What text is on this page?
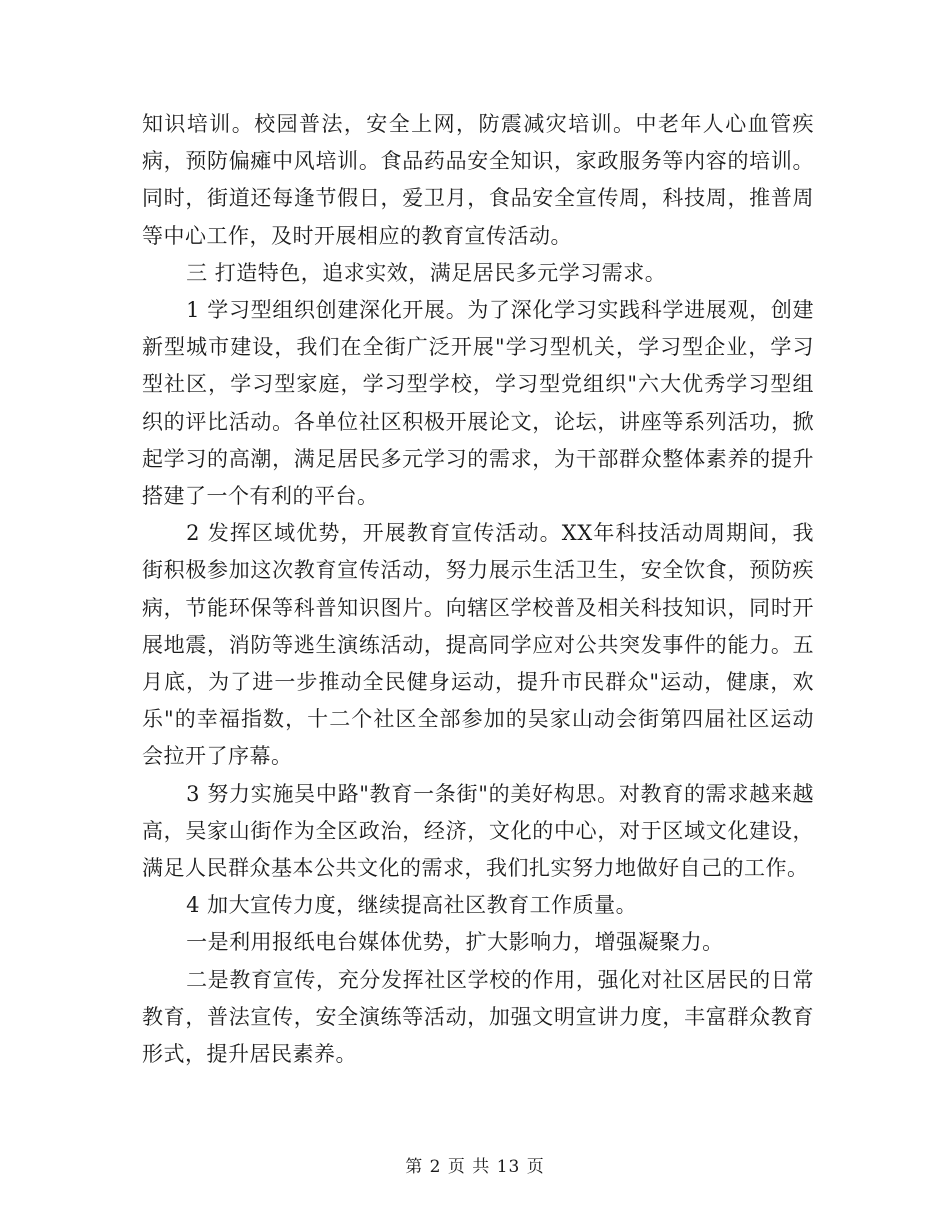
知识培训。校园普法，安全上网，防震减灾培训。中老年人心血管疾病，预防偏瘫中风培训。食品药品安全知识，家政服务等内容的培训。同时，街道还每逢节假日，爱卫月，食品安全宣传周，科技周，推普周等中心工作，及时开展相应的教育宣传活动。

三 打造特色，追求实效，满足居民多元学习需求。

1 学习型组织创建深化开展。为了深化学习实践科学进展观，创建新型城市建设，我们在全街广泛开展"学习型机关，学习型企业，学习型社区，学习型家庭，学习型学校，学习型党组织"六大优秀学习型组织的评比活动。各单位社区积极开展论文，论坛，讲座等系列活功，掀起学习的高潮，满足居民多元学习的需求，为干部群众整体素养的提升搭建了一个有利的平台。

2 发挥区域优势，开展教育宣传活动。XX年科技活动周期间，我街积极参加这次教育宣传活动，努力展示生活卫生，安全饮食，预防疾病，节能环保等科普知识图片。向辖区学校普及相关科技知识，同时开展地震，消防等逃生演练活动，提高同学应对公共突发事件的能力。五月底，为了进一步推动全民健身运动，提升市民群众"运动，健康，欢乐"的幸福指数，十二个社区全部参加的吴家山动会街第四届社区运动会拉开了序幕。

3 努力实施吴中路"教育一条街"的美好构思。对教育的需求越来越高，吴家山街作为全区政治，经济，文化的中心，对于区域文化建设，满足人民群众基本公共文化的需求，我们扎实努力地做好自己的工作。

4 加大宣传力度，继续提高社区教育工作质量。

一是利用报纸电台媒体优势，扩大影响力，增强凝聚力。

二是教育宣传，充分发挥社区学校的作用，强化对社区居民的日常教育，普法宣传，安全演练等活动，加强文明宣讲力度，丰富群众教育形式，提升居民素养。

第 2 页 共 13 页
